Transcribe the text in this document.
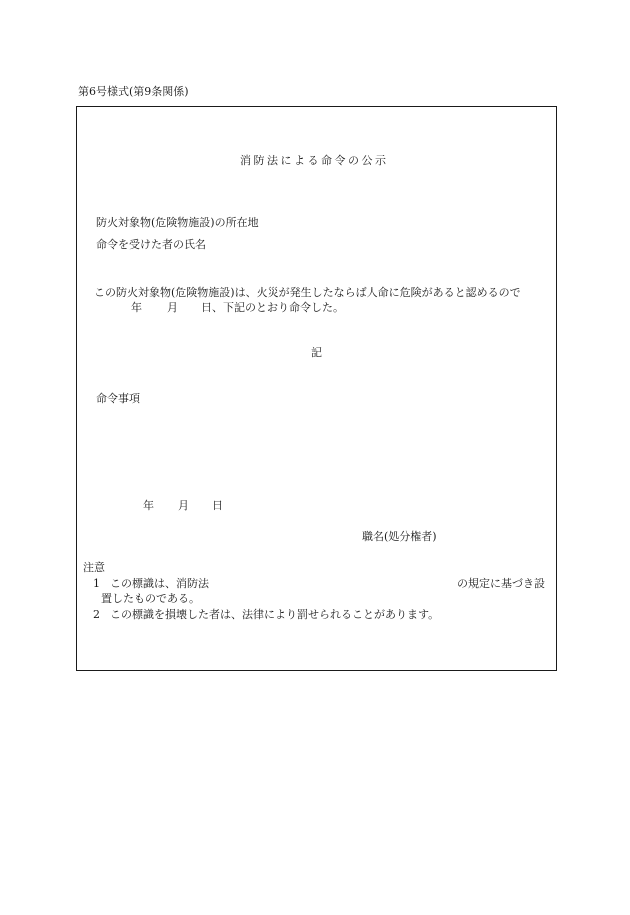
第6号様式(第9条関係)
消防法による命令の公示
防火対象物(危険物施設)の所在地
命令を受けた者の氏名
この防火対象物(危険物施設)は、火災が発生したならば人命に危険があると認めるので
年 月 日、下記のとおり命令した。
記
命令事項
年 月 日
職名(処分権者)
注意
1 この標識は、消防法	の規定に基づき設
置したものである。
2 この標識を損壊した者は、法律により罰せられることがあります。
